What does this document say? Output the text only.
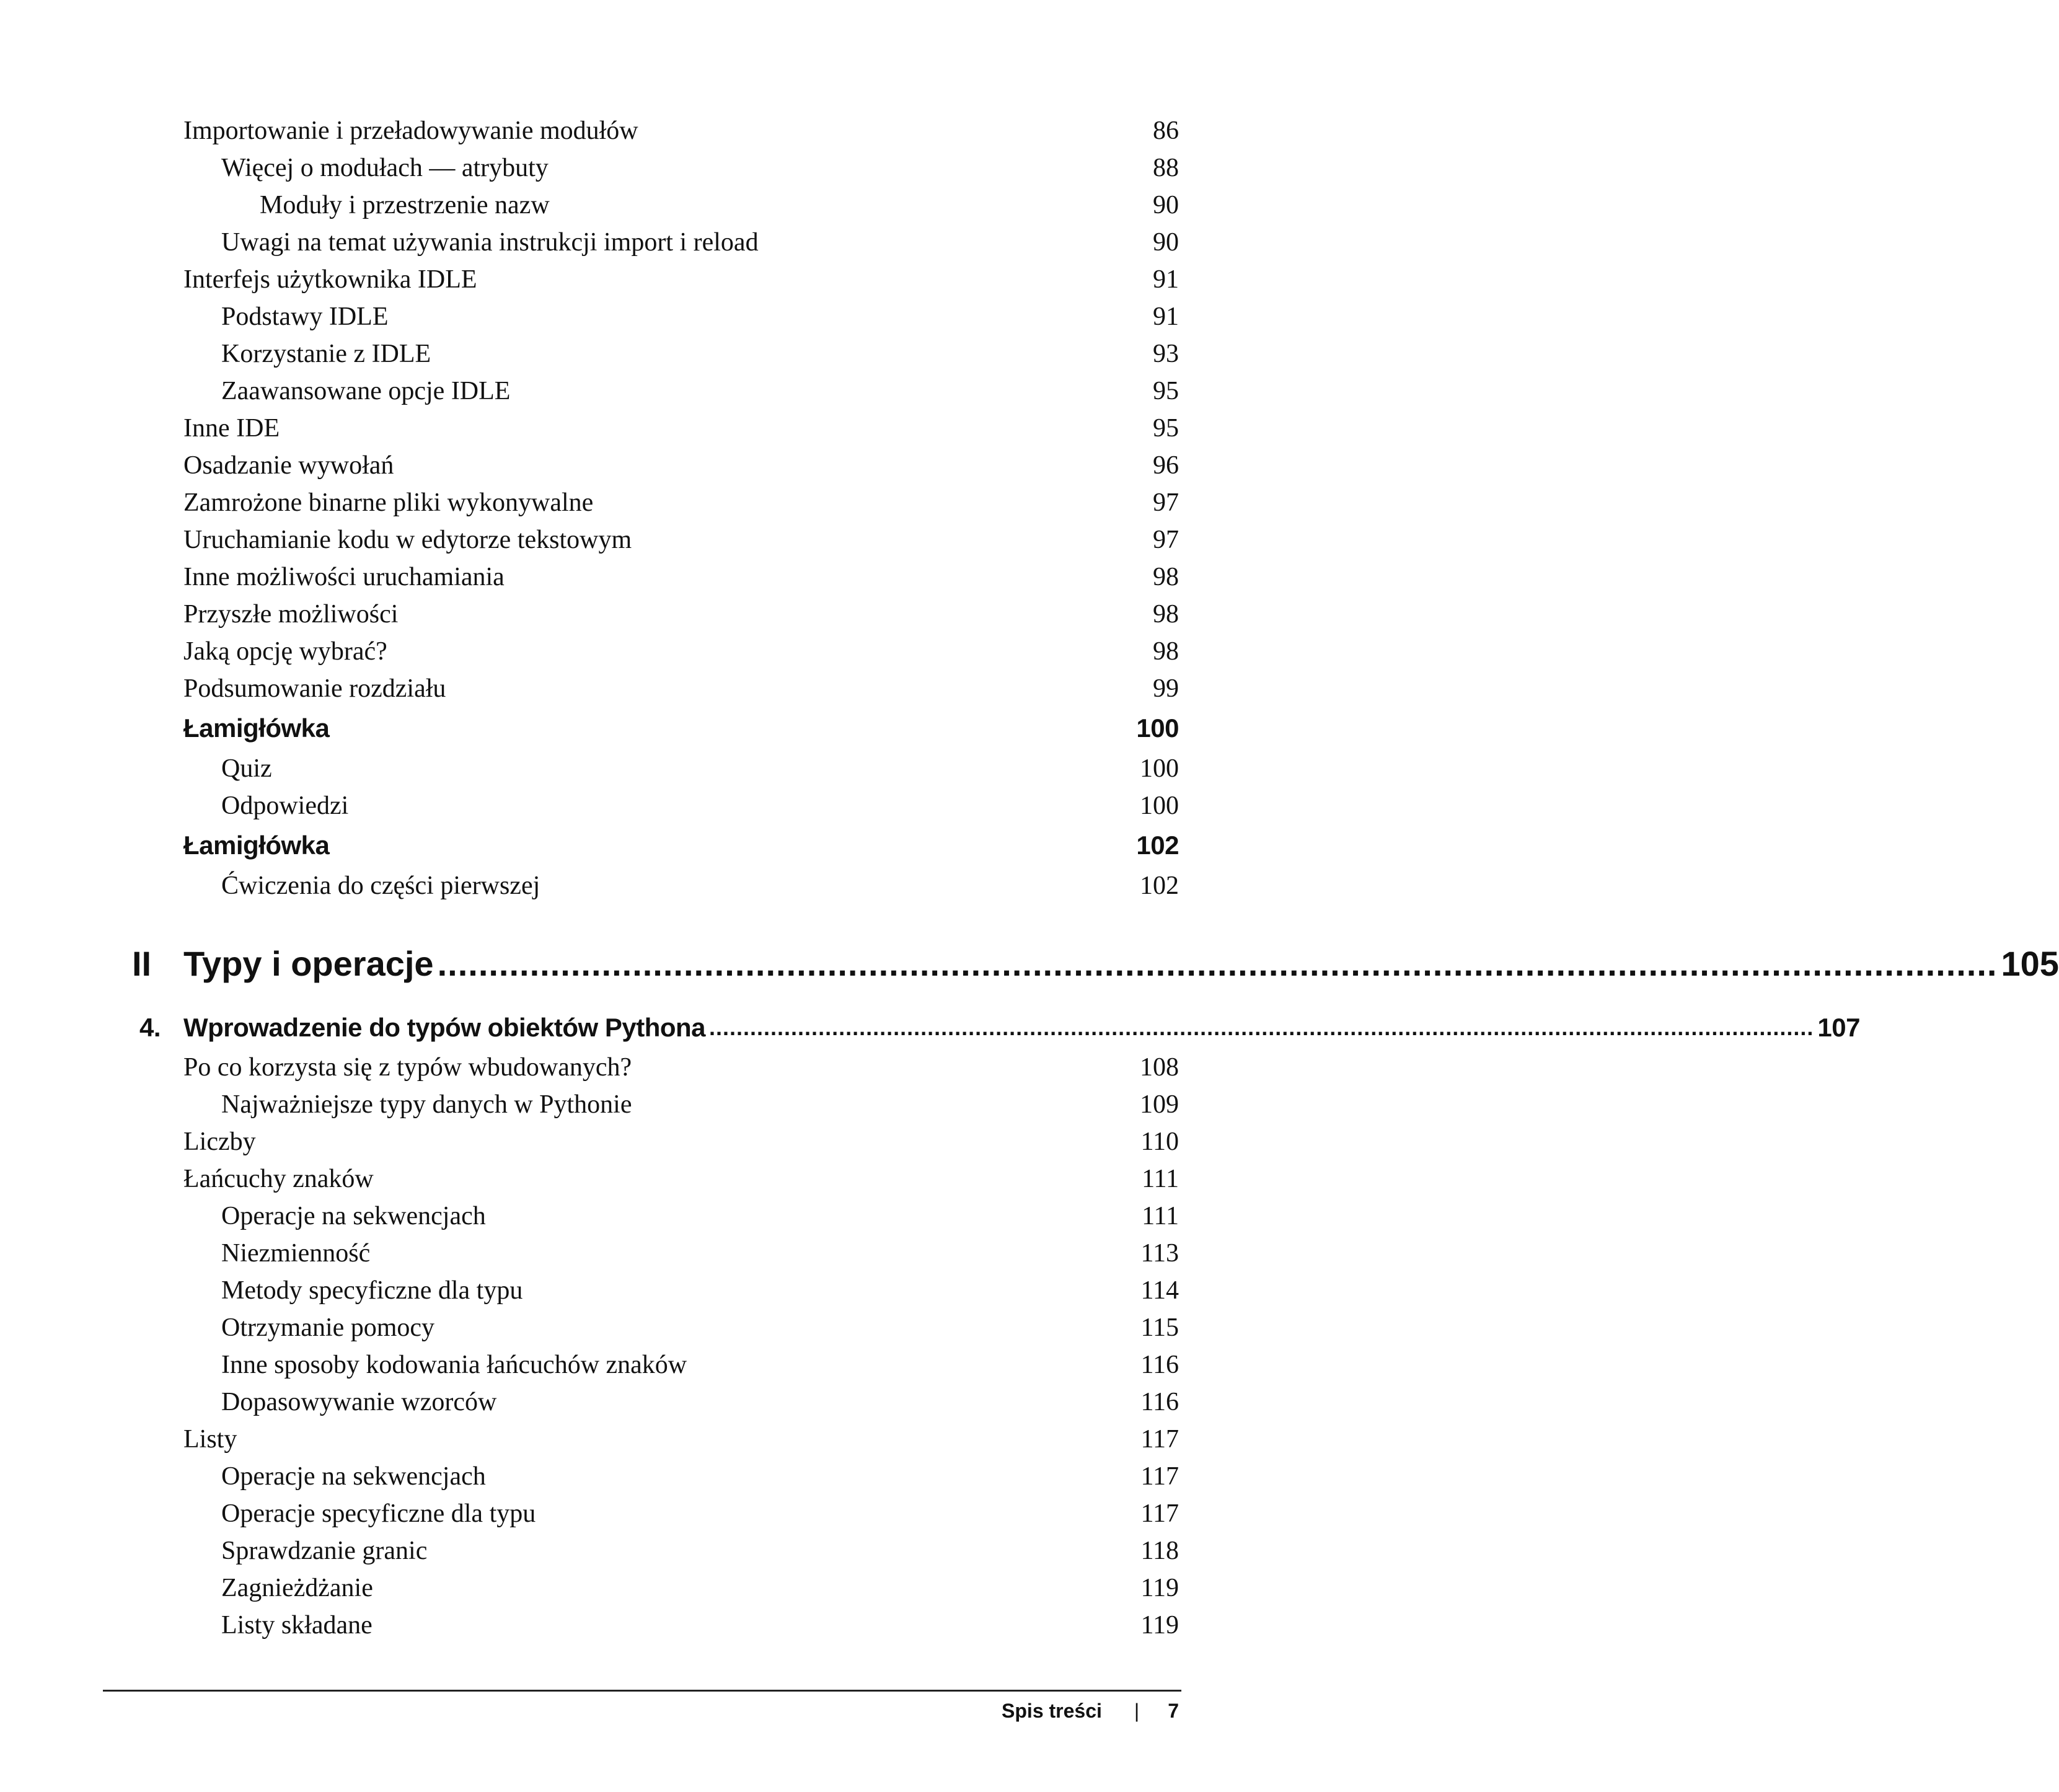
Importowanie i przeładowywanie modułów	86
Więcej o modułach — atrybuty	88
Moduły i przestrzenie nazw	90
Uwagi na temat używania instrukcji import i reload	90
Interfejs użytkownika IDLE	91
Podstawy IDLE	91
Korzystanie z IDLE	93
Zaawansowane opcje IDLE	95
Inne IDE	95
Osadzanie wywołań	96
Zamrożone binarne pliki wykonywalne	97
Uruchamianie kodu w edytorze tekstowym	97
Inne możliwości uruchamiania	98
Przyszłe możliwości	98
Jaką opcję wybrać?	98
Podsumowanie rozdziału	99
Łamigłówka	100
Quiz	100
Odpowiedzi	100
Łamigłówka	102
Ćwiczenia do części pierwszej	102
II Typy i operacje ........................................................................................................................................................ 105
4. Wprowadzenie do typów obiektów Pythona .................................................................................................................................................................. 107
Po co korzysta się z typów wbudowanych?	108
Najważniejsze typy danych w Pythonie	109
Liczby	110
Łańcuchy znaków	111
Operacje na sekwencjach	111
Niezmienność	113
Metody specyficzne dla typu	114
Otrzymanie pomocy	115
Inne sposoby kodowania łańcuchów znaków	116
Dopasowywanie wzorców	116
Listy	117
Operacje na sekwencjach	117
Operacje specyficzne dla typu	117
Sprawdzanie granic	118
Zagnieżdżanie	119
Listy składane	119
Spis treści | 7
